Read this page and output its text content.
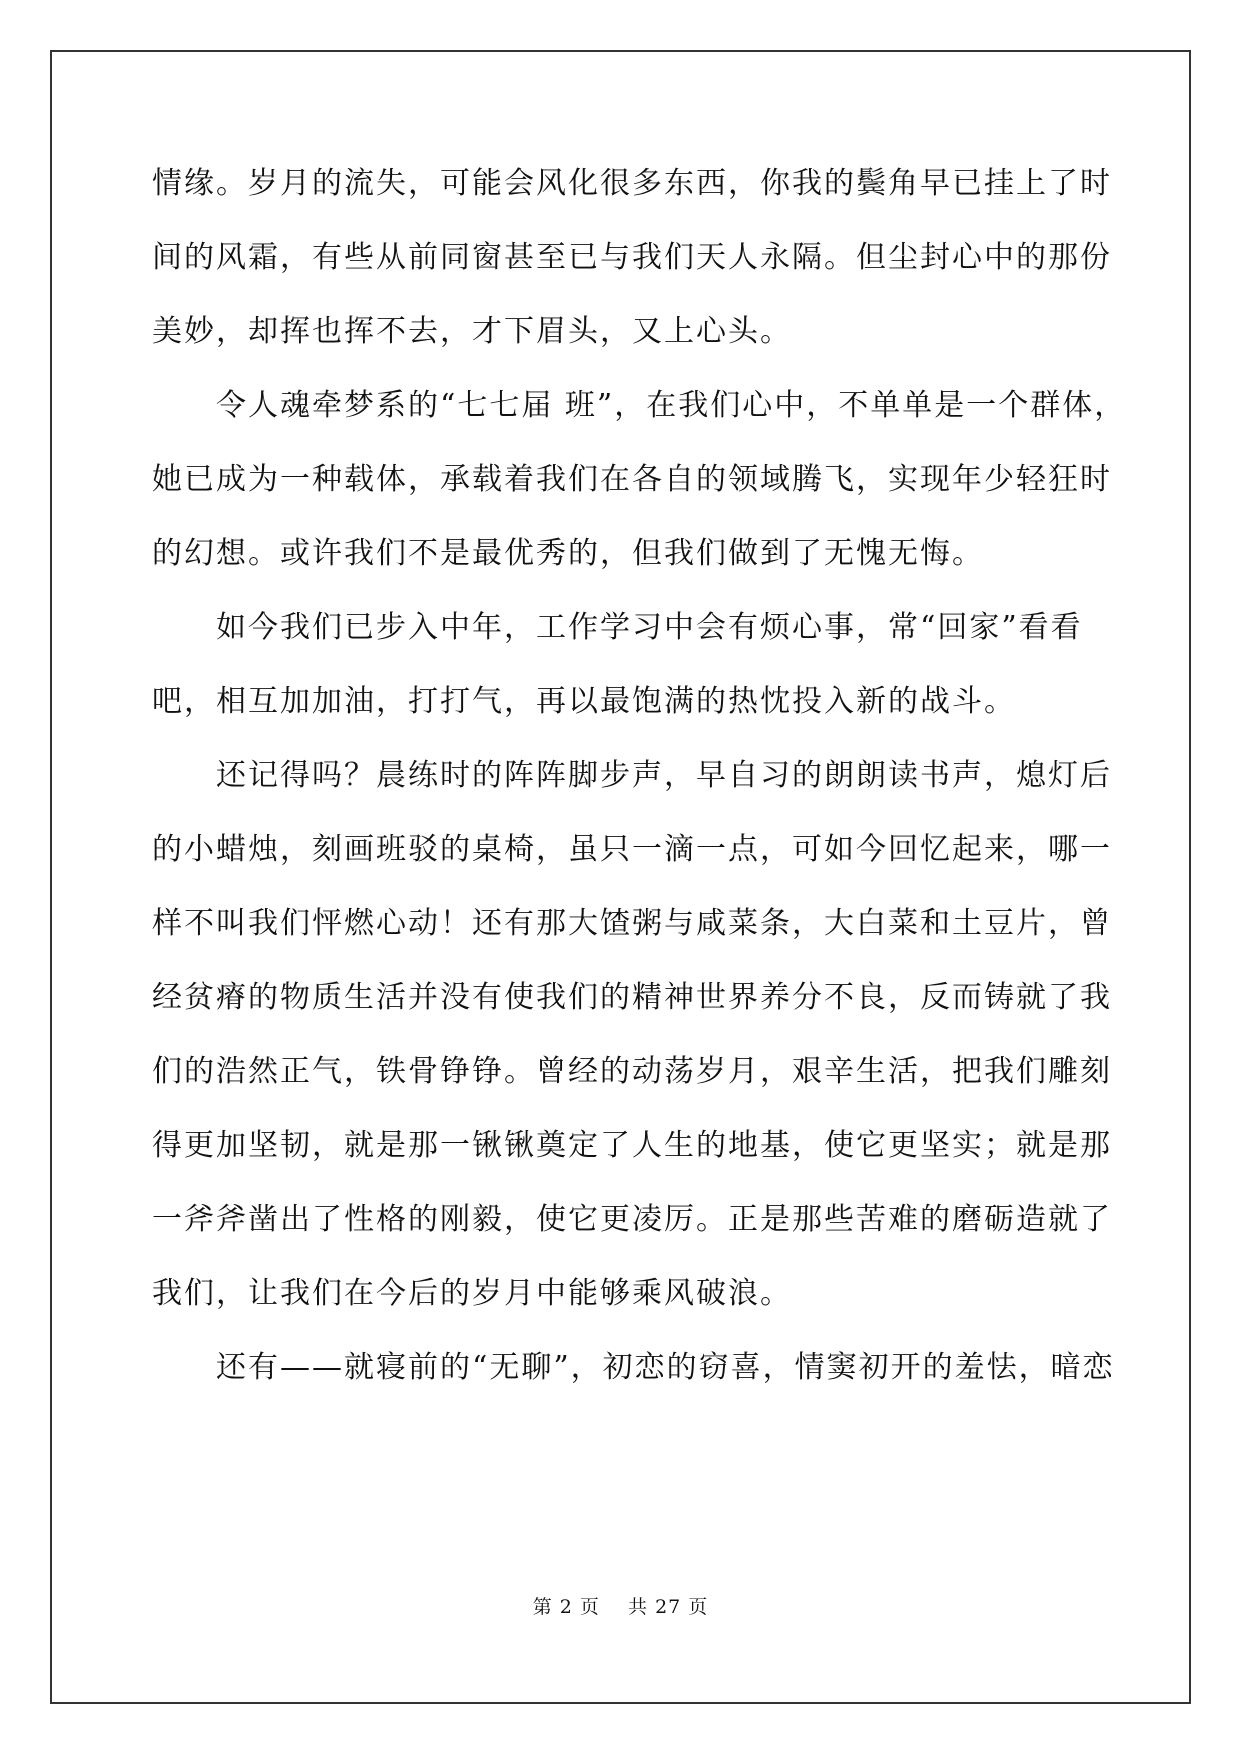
情缘。岁月的流失，可能会风化很多东西，你我的鬓角早已挂上了时
间的风霜，有些从前同窗甚至已与我们天人永隔。但尘封心中的那份
美妙，却挥也挥不去，才下眉头，又上心头。
　　令人魂牵梦系的“七七届 班”，在我们心中，不单单是一个群体，
她已成为一种载体，承载着我们在各自的领域腾飞，实现年少轻狂时
的幻想。或许我们不是最优秀的，但我们做到了无愧无悔。
　　如今我们已步入中年，工作学习中会有烦心事，常“回家”看看
吧，相互加加油，打打气，再以最饱满的热忱投入新的战斗。
　　还记得吗？晨练时的阵阵脚步声，早自习的朗朗读书声，熄灯后
的小蜡烛，刻画班驳的桌椅，虽只一滴一点，可如今回忆起来，哪一
样不叫我们怦燃心动！还有那大馇粥与咸菜条，大白菜和土豆片，曾
经贫瘠的物质生活并没有使我们的精神世界养分不良，反而铸就了我
们的浩然正气，铁骨铮铮。曾经的动荡岁月，艰辛生活，把我们雕刻
得更加坚韧，就是那一锹锹奠定了人生的地基，使它更坚实；就是那
一斧斧凿出了性格的刚毅，使它更凌厉。正是那些苦难的磨砺造就了
我们，让我们在今后的岁月中能够乘风破浪。
　　还有——就寝前的“无聊”，初恋的窃喜，情窦初开的羞怯，暗恋
第 2 页    共 27 页
